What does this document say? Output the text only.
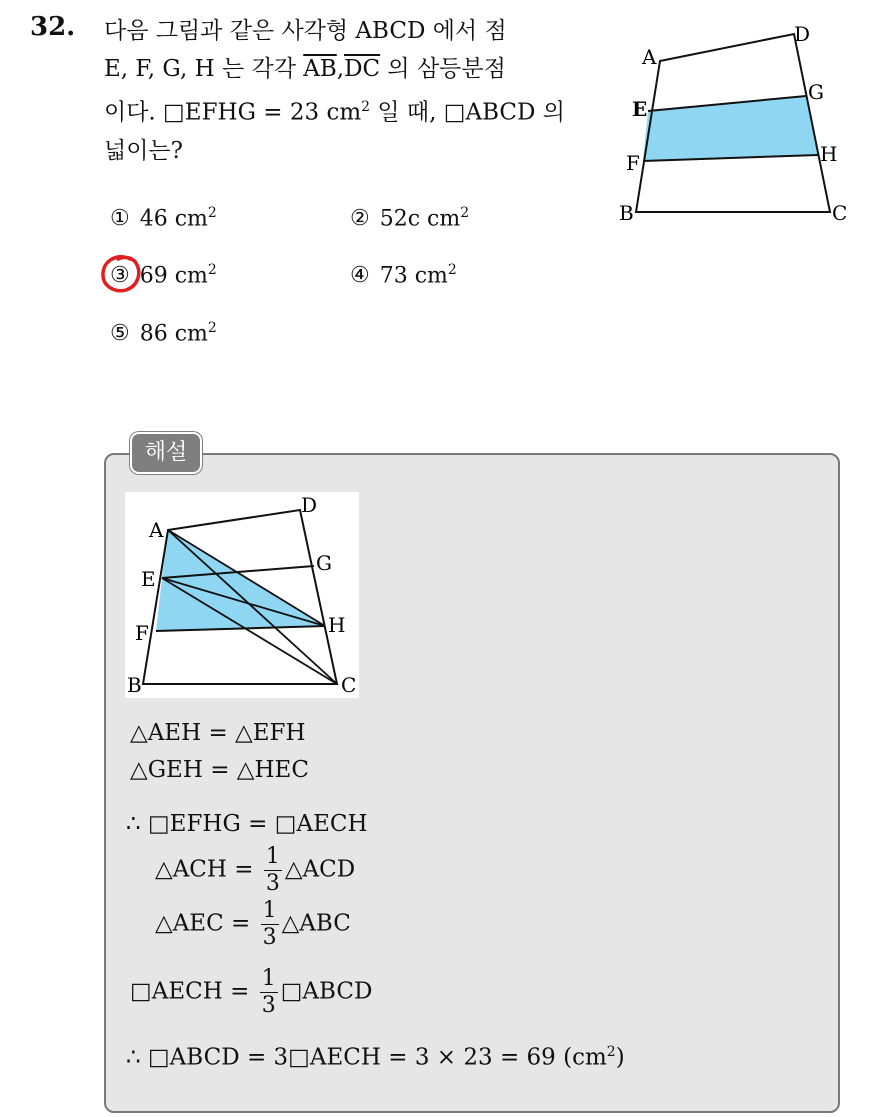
32. 다음 그림과 같은 사각형 ABCD 에서 점
E, F, G, H 는 각각 $\overline{AB},\overline{DC}$ 의 삼등분점
이다. □EFHG = 23 $cm^2$ 일 때, □ABCD 의
넓이는?
① 46 $cm^2$	② 52c $cm^2$
③ 69 $cm^2$	④ 73 $cm^2$
⑤ 86 $cm^2$
A
B	C
D
E
F
G
H
해설
A
B	C
D
E
F
G
H
△AEH = △EFH
△GEH = △HEC
∴ □EFHG = □AECH
△ACH = $\frac{1}{3}$ △ACD
△AEC = $\frac{1}{3}$ △ABC
□AECH = $\frac{1}{3}$ □ABCD
∴ □ABCD = 3□AECH = 3 × 23 = 69 $(cm^2)$
